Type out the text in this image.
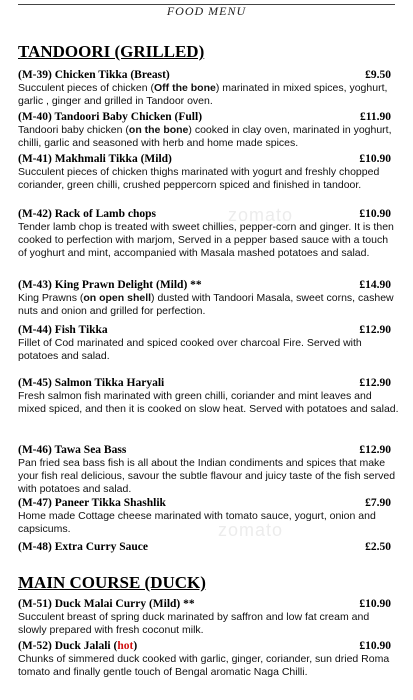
FOOD MENU
zomato
zomato
TANDOORI (GRILLED)
(M-39) Chicken Tikka (Breast)	£9.50
Succulent pieces of chicken (Off the bone) marinated in mixed spices, yoghurt, garlic , ginger and grilled in Tandoor oven.
(M-40) Tandoori Baby Chicken (Full)	£11.90
Tandoori baby chicken (on the bone) cooked in clay oven, marinated in yoghurt, chilli, garlic and seasoned with herb and home made spices.
(M-41) Makhmali Tikka (Mild)	£10.90
Succulent pieces of chicken thighs marinated with yogurt and freshly chopped coriander, green chilli, crushed peppercorn spiced and finished in tandoor.
(M-42) Rack of Lamb chops	£10.90
Tender lamb chop is treated with sweet chillies, pepper-corn and ginger. It is then cooked to perfection with marjom, Served in a pepper based sauce with a touch of yoghurt and mint, accompanied with Masala mashed potatoes and salad.
(M-43) King Prawn Delight (Mild) **	£14.90
King Prawns (on open shell) dusted with Tandoori Masala, sweet corns, cashew nuts and onion and grilled for perfection.
(M-44) Fish Tikka	£12.90
Fillet of Cod marinated and spiced cooked over charcoal Fire. Served with potatoes and salad.
(M-45) Salmon Tikka Haryali	£12.90
Fresh salmon fish marinated with green chilli, coriander and mint leaves and mixed spiced, and then it is cooked on slow heat. Served with potatoes and salad.
(M-46) Tawa Sea Bass	£12.90
Pan fried sea bass fish is all about the Indian condiments and spices that make your fish real delicious, savour the subtle flavour and juicy taste of the fish served with potatoes and salad.
(M-47) Paneer Tikka Shashlik	£7.90
Home made Cottage cheese marinated with tomato sauce, yogurt, onion and capsicums.
(M-48) Extra Curry Sauce	£2.50
MAIN COURSE (DUCK)
(M-51) Duck Malai Curry (Mild) **	£10.90
Succulent breast of spring duck marinated by saffron and low fat cream and slowly prepared with fresh coconut milk.
(M-52) Duck Jalali (hot)	£10.90
Chunks of simmered duck cooked with garlic, ginger, coriander, sun dried Roma tomato and finally gentle touch of Bengal aromatic Naga Chilli.
